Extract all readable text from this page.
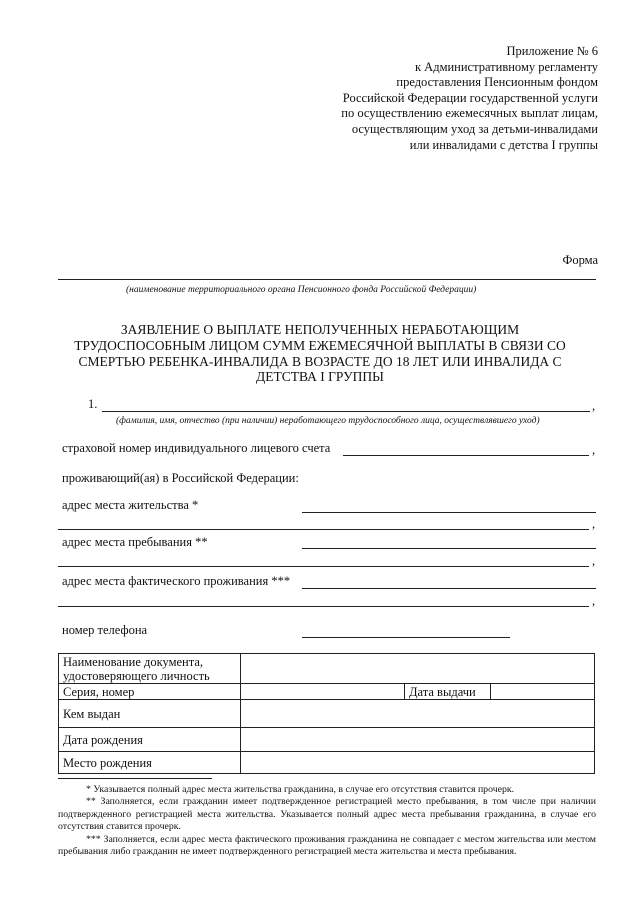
Приложение № 6
к Административному регламенту
предоставления Пенсионным фондом
Российской Федерации государственной услуги
по осуществлению ежемесячных выплат лицам,
осуществляющим уход за детьми-инвалидами
или инвалидами с детства I группы
Форма
(наименование территориального органа Пенсионного фонда Российской Федерации)
ЗАЯВЛЕНИЕ О ВЫПЛАТЕ НЕПОЛУЧЕННЫХ НЕРАБОТАЮЩИМ
ТРУДОСПОСОБНЫМ ЛИЦОМ СУММ ЕЖЕМЕСЯЧНОЙ ВЫПЛАТЫ В СВЯЗИ СО
СМЕРТЬЮ РЕБЕНКА-ИНВАЛИДА В ВОЗРАСТЕ ДО 18 ЛЕТ ИЛИ ИНВАЛИДА С
ДЕТСТВА I ГРУППЫ
1.	,
(фамилия, имя, отчество (при наличии) неработающего трудоспособного лица, осуществлявшего уход)
страховой номер индивидуального лицевого счета	,
проживающий(ая) в Российской Федерации:
адрес места жительства *
,
адрес места пребывания **
,
адрес места фактического проживания ***
,
номер телефона
Наименование документа, удостоверяющего личность			
Серия, номер		Дата выдачи	
Кем выдан			
Дата рождения			
Место рождения			

* Указывается полный адрес места жительства гражданина, в случае его отсутствия ставится прочерк.

** Заполняется, если гражданин имеет подтвержденное регистрацией место пребывания, в том числе при наличии подтвержденного регистрацией места жительства. Указывается полный адрес места пребывания гражданина, в случае его отсутствия ставится прочерк.

*** Заполняется, если адрес места фактического проживания гражданина не совпадает с местом жительства или местом пребывания либо гражданин не имеет подтвержденного регистрацией места жительства и места пребывания.
